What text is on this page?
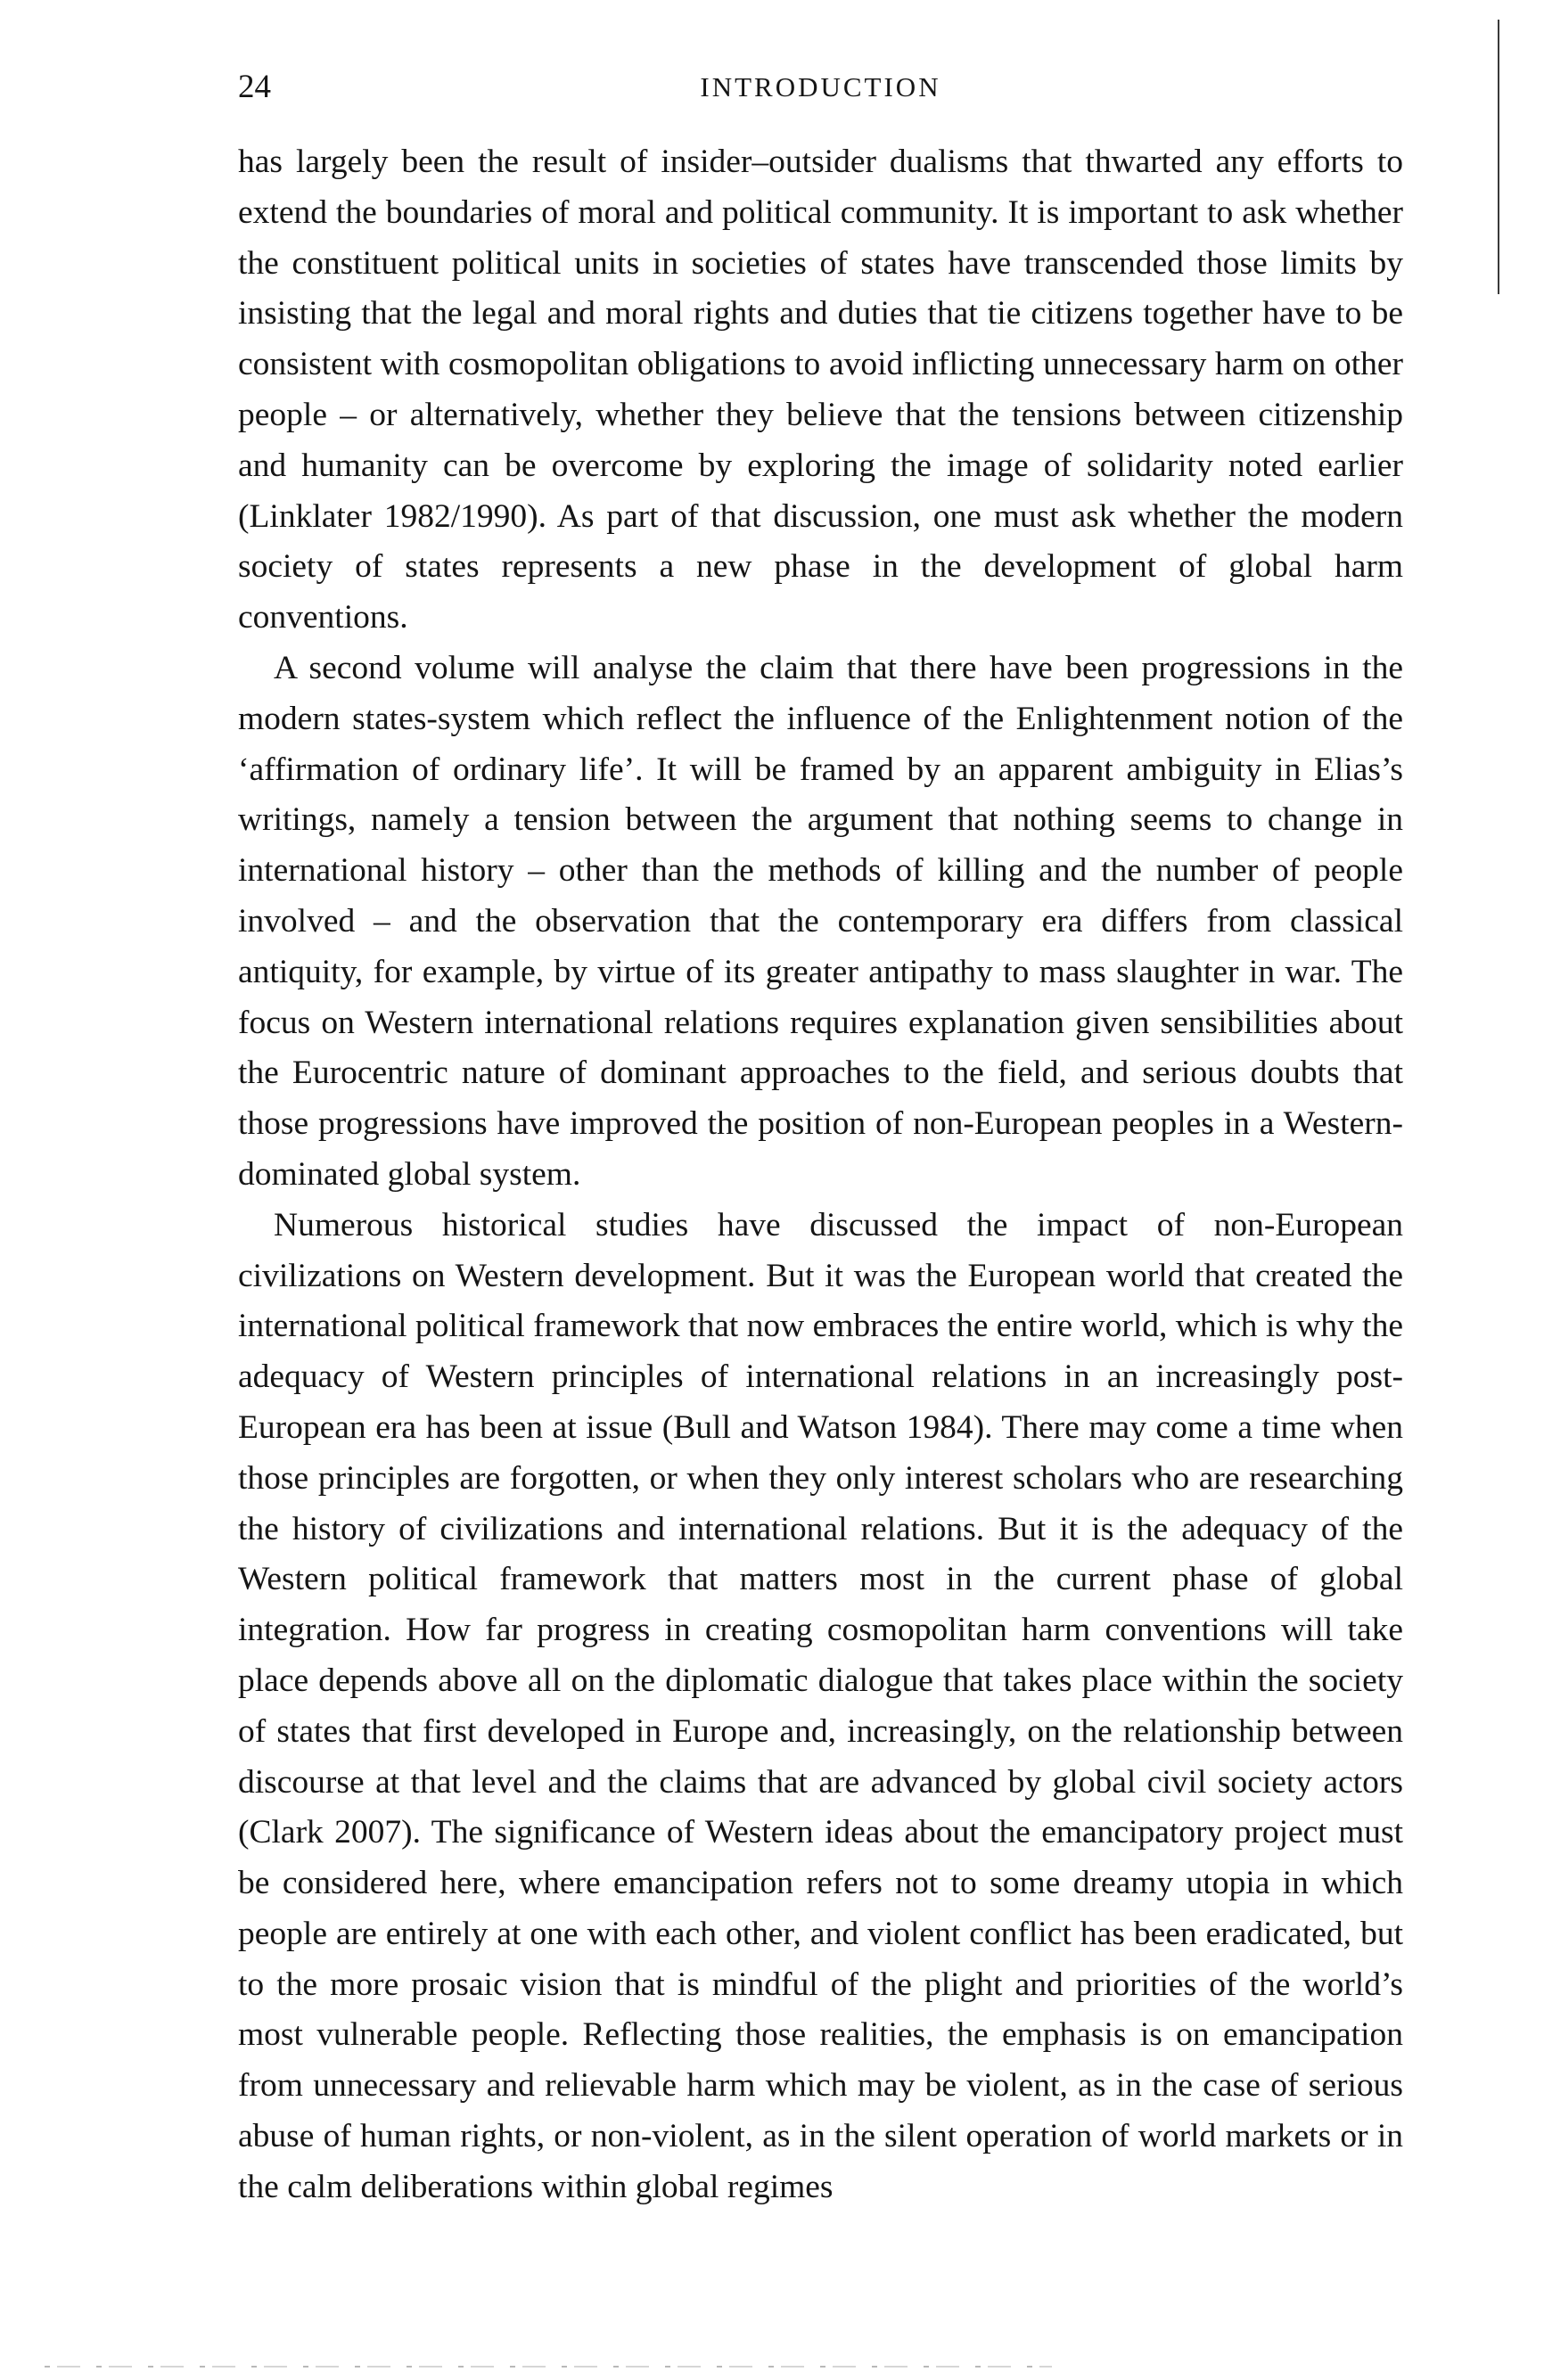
24	INTRODUCTION

has largely been the result of insider–outsider dualisms that thwarted any efforts to extend the boundaries of moral and political community. It is important to ask whether the constituent political units in societies of states have transcended those limits by insisting that the legal and moral rights and duties that tie citizens together have to be consistent with cosmopolitan obligations to avoid inflicting unnecessary harm on other people – or alternatively, whether they believe that the tensions between citizenship and humanity can be overcome by exploring the image of solidarity noted earlier (Linklater 1982/1990). As part of that discussion, one must ask whether the modern society of states represents a new phase in the development of global harm conventions.

A second volume will analyse the claim that there have been progressions in the modern states-system which reflect the influence of the Enlightenment notion of the ‘affirmation of ordinary life’. It will be framed by an apparent ambiguity in Elias’s writings, namely a tension between the argument that nothing seems to change in international history – other than the methods of killing and the number of people involved – and the observation that the contemporary era differs from classical antiquity, for example, by virtue of its greater antipathy to mass slaughter in war. The focus on Western international relations requires explanation given sensibilities about the Eurocentric nature of dominant approaches to the field, and serious doubts that those progressions have improved the position of non-European peoples in a Western-dominated global system.

Numerous historical studies have discussed the impact of non-European civilizations on Western development. But it was the European world that created the international political framework that now embraces the entire world, which is why the adequacy of Western principles of international relations in an increasingly post-European era has been at issue (Bull and Watson 1984). There may come a time when those principles are forgotten, or when they only interest scholars who are researching the history of civilizations and international relations. But it is the adequacy of the Western political framework that matters most in the current phase of global integration. How far progress in creating cosmopolitan harm conventions will take place depends above all on the diplomatic dialogue that takes place within the society of states that first developed in Europe and, increasingly, on the relationship between discourse at that level and the claims that are advanced by global civil society actors (Clark 2007). The significance of Western ideas about the emancipatory project must be considered here, where emancipation refers not to some dreamy utopia in which people are entirely at one with each other, and violent conflict has been eradicated, but to the more prosaic vision that is mindful of the plight and priorities of the world’s most vulnerable people. Reflecting those realities, the emphasis is on emancipation from unnecessary and relievable harm which may be violent, as in the case of serious abuse of human rights, or non-violent, as in the silent operation of world markets or in the calm deliberations within global regimes
